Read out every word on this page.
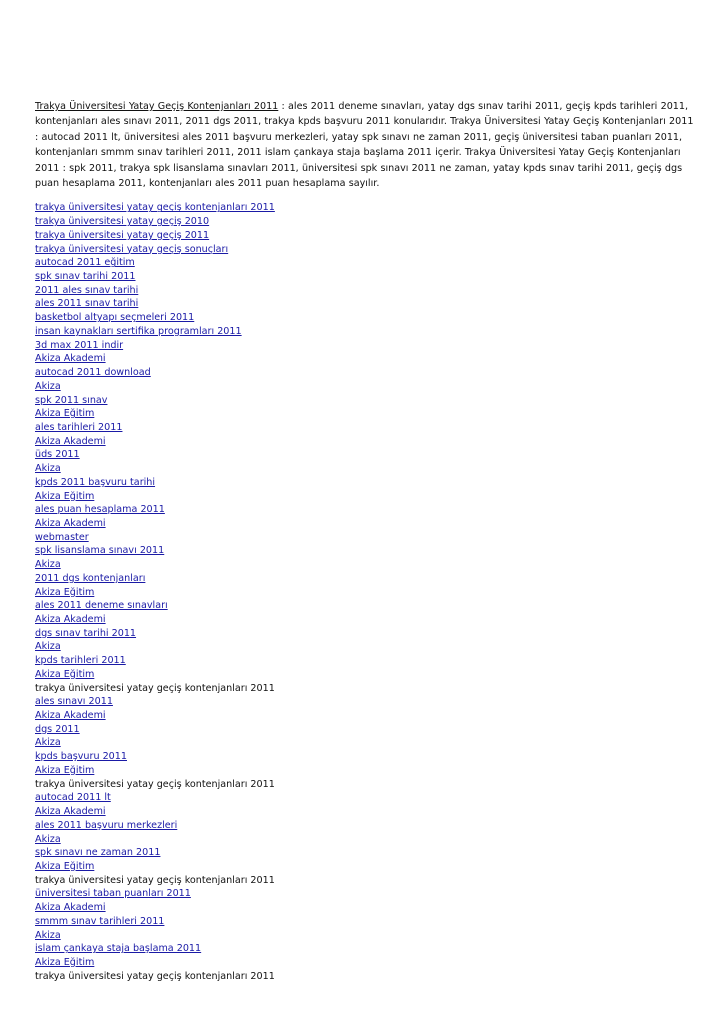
Trakya Üniversitesi Yatay Geçiş Kontenjanları 2011 : ales 2011 deneme sınavları, yatay dgs sınav tarihi 2011, geçiş kpds tarihleri 2011, kontenjanları ales sınavı 2011, 2011 dgs 2011, trakya kpds başvuru 2011 konularıdır. Trakya Üniversitesi Yatay Geçiş Kontenjanları 2011 : autocad 2011 lt, üniversitesi ales 2011 başvuru merkezleri, yatay spk sınavı ne zaman 2011, geçiş üniversitesi taban puanları 2011, kontenjanları smmm sınav tarihleri 2011, 2011 islam çankaya staja başlama 2011 içerir. Trakya Üniversitesi Yatay Geçiş Kontenjanları 2011 : spk 2011, trakya spk lisanslama sınavları 2011, üniversitesi spk sınavı 2011 ne zaman, yatay kpds sınav tarihi 2011, geçiş dgs puan hesaplama 2011, kontenjanları ales 2011 puan hesaplama sayılır.

trakya üniversitesi yatay geçiş kontenjanları 2011
trakya üniversitesi yatay geçiş 2010
trakya üniversitesi yatay geçiş 2011
trakya üniversitesi yatay geçiş sonuçları
autocad 2011 eğitim
spk sınav tarihi 2011
2011 ales sınav tarihi
ales 2011 sınav tarihi
basketbol altyapı seçmeleri 2011
insan kaynakları sertifika programları 2011
3d max 2011 indir
Akiza Akademi
autocad 2011 download
Akiza
spk 2011 sınav
Akiza Eğitim
ales tarihleri 2011
Akiza Akademi
üds 2011
Akiza
kpds 2011 başvuru tarihi
Akiza Eğitim
ales puan hesaplama 2011
Akiza Akademi
webmaster
spk lisanslama sınavı 2011
Akiza
2011 dgs kontenjanları
Akiza Eğitim
ales 2011 deneme sınavları
Akiza Akademi
dgs sınav tarihi 2011
Akiza
kpds tarihleri 2011
Akiza Eğitim
trakya üniversitesi yatay geçiş kontenjanları 2011
ales sınavı 2011
Akiza Akademi
dgs 2011
Akiza
kpds başvuru 2011
Akiza Eğitim
trakya üniversitesi yatay geçiş kontenjanları 2011
autocad 2011 lt
Akiza Akademi
ales 2011 başvuru merkezleri
Akiza
spk sınavı ne zaman 2011
Akiza Eğitim
trakya üniversitesi yatay geçiş kontenjanları 2011
üniversitesi taban puanları 2011
Akiza Akademi
smmm sınav tarihleri 2011
Akiza
islam çankaya staja başlama 2011
Akiza Eğitim
trakya üniversitesi yatay geçiş kontenjanları 2011
